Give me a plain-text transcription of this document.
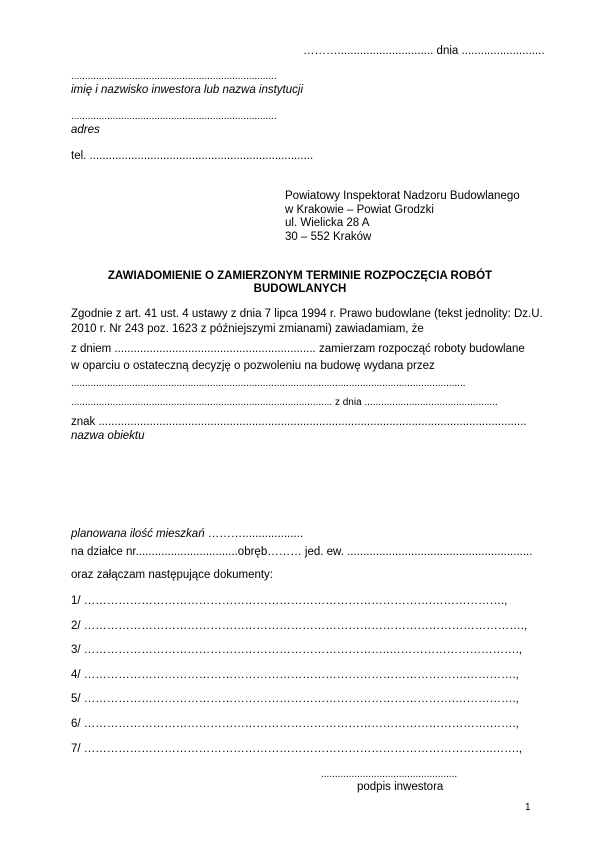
……….............................. dnia ..........................
..........................................................................
imię i nazwisko inwestora lub nazwa instytucji
..........................................................................
adres
tel. ......................................................................
Powiatowy Inspektorat Nadzoru Budowlanego
w Krakowie – Powiat Grodzki
ul. Wielicka 28 A
30 – 552 Kraków
ZAWIADOMIENIE O ZAMIERZONYM TERMINIE ROZPOCZĘCIA ROBÓT
BUDOWLANYCH
Zgodnie z art. 41 ust. 4 ustawy z dnia 7 lipca 1994 r. Prawo budowlane (tekst jednolity: Dz.U.
2010 r. Nr 243 poz. 1623 z późniejszymi zmianami) zawiadamiam, że
z dniem ............................................................... zamierzam rozpocząć roboty budowlane
w oparciu o ostateczną decyzję o pozwoleniu na budowę wydana przez
..............................................................................................................................................
.............................................................................................. z dnia ................................................
znak ......................................................................................................................................
nazwa obiektu
planowana ilość mieszkań ………...................
na działce nr................................obręb……… jed. ew. ..........................................................
oraz załączam następujące dokumenty:
1/ ……………………………………………………………………………….……………….,
2/ …………………………………………………………………………………………………….,
3/ ……………………………………………………………………..…………………………….,
4/ ……………………………………………………………………………………….………….,
5/ …………………………………………………………………………………….…………….,
6/ …………………………………………………………………………………………….…….,
7/ ……………………………………………………………………………………………..…….,
.................................................
podpis inwestora
1
